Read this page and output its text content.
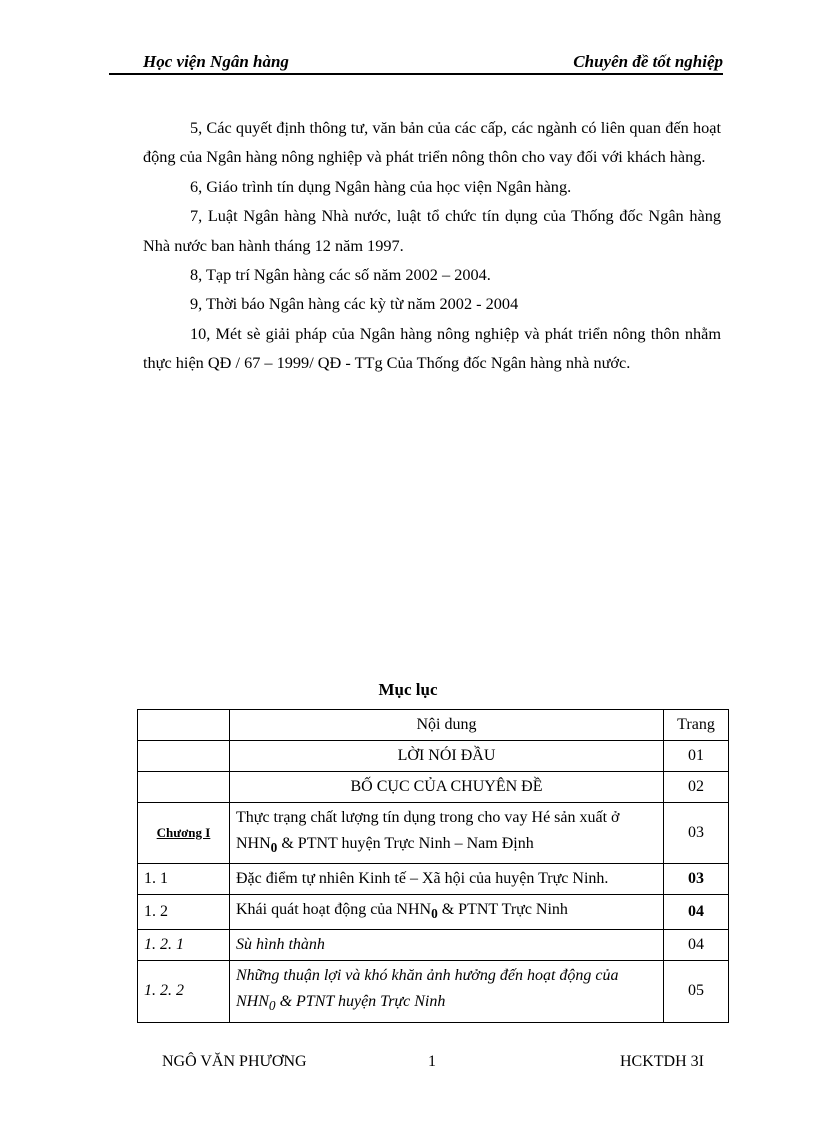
Học viện Ngân hàng	Chuyên đề tốt nghiệp

5, Các quyết định thông tư, văn bản của các cấp, các ngành có liên quan đến hoạt động của Ngân hàng nông nghiệp và phát triển nông thôn cho vay đối với khách hàng.

6, Giáo trình tín dụng Ngân hàng của học viện Ngân hàng.

7, Luật Ngân hàng Nhà nước, luật tổ chức tín dụng của Thống đốc Ngân hàng Nhà nước ban hành tháng 12 năm 1997.

8, Tạp trí Ngân hàng các số năm 2002 – 2004.

9, Thời báo Ngân hàng các kỳ từ năm 2002 - 2004

10, Mét sè giải pháp của Ngân hàng nông nghiệp và phát triển nông thôn nhằm thực hiện QĐ / 67 – 1999/ QĐ - TTg Của Thống đốc Ngân hàng nhà nước.

Mục lục
	Nội dung	Trang
	LỜI NÓI ĐẦU	01
	BỐ CỤC CỦA CHUYÊN ĐỀ	02
Chương I	Thực trạng chất lượng tín dụng trong cho vay Hé sản xuất ở $NHN_0$ & PTNT huyện Trực Ninh – Nam Định	03
1. 1	Đặc điểm tự nhiên Kinh tế – Xã hội của huyện Trực Ninh.	03
1. 2	Khái quát hoạt động của $NHN_0$ & PTNT Trực Ninh	04
1. 2. 1	Sù hình thành	04
1. 2. 2	Những thuận lợi và khó khăn ảnh hưởng đến hoạt động của $NHN_0$ & PTNT huyện Trực Ninh	05
NGÔ VĂN PHƯƠNG	1	HCKTDH 3I
